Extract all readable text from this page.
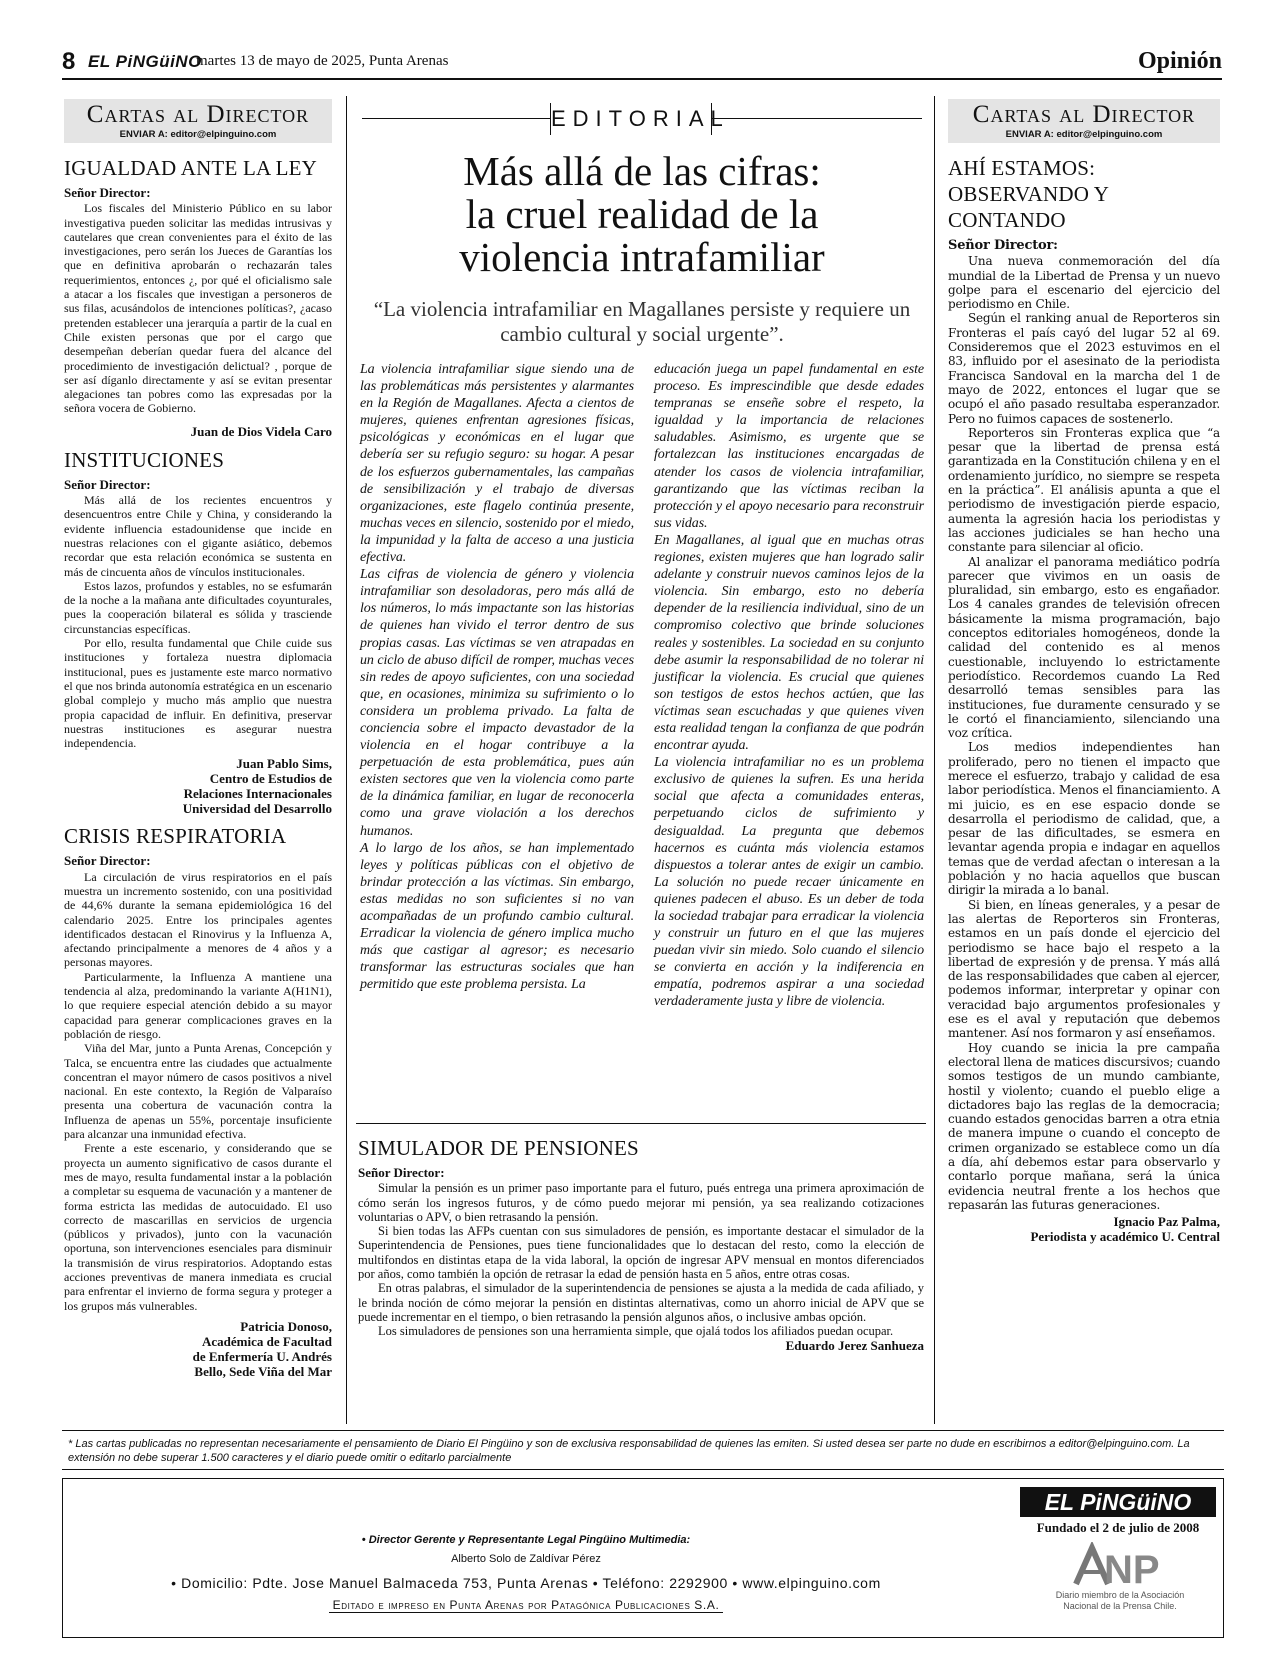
8 EL PiNGüiNO
martes 13 de mayo de 2025, Punta Arenas	Opinión
Cartas al Director
ENVIAR A: editor@elpinguino.com
IGUALDAD ANTE LA LEY

Señor Director:

Los fiscales del Ministerio Público en su labor investigativa pueden solicitar las medidas intrusivas y cautelares que crean convenientes para el éxito de las investigaciones, pero serán los Jueces de Garantías los que en definitiva aprobarán o rechazarán tales requerimientos, entonces ¿, por qué el oficialismo sale a atacar a los fiscales que investigan a personeros de sus filas, acusándolos de intenciones políticas?, ¿acaso pretenden establecer una jerarquía a partir de la cual en Chile existen personas que por el cargo que desempeñan deberían quedar fuera del alcance del procedimiento de investigación delictual? , porque de ser así díganlo directamente y así se evitan presentar alegaciones tan pobres como las expresadas por la señora vocera de Gobierno.

Juan de Dios Videla Caro
INSTITUCIONES

Señor Director:

Más allá de los recientes encuentros y desencuentros entre Chile y China, y considerando la evidente influencia estadounidense que incide en nuestras relaciones con el gigante asiático, debemos recordar que esta relación económica se sustenta en más de cincuenta años de vínculos institucionales.

Estos lazos, profundos y estables, no se esfumarán de la noche a la mañana ante dificultades coyunturales, pues la cooperación bilateral es sólida y trasciende circunstancias específicas.

Por ello, resulta fundamental que Chile cuide sus instituciones y fortaleza nuestra diplomacia institucional, pues es justamente este marco normativo el que nos brinda autonomía estratégica en un escenario global complejo y mucho más amplio que nuestra propia capacidad de influir. En definitiva, preservar nuestras instituciones es asegurar nuestra independencia.

Juan Pablo Sims,
Centro de Estudios de
Relaciones Internacionales
Universidad del Desarrollo
CRISIS RESPIRATORIA

Señor Director:

La circulación de virus respiratorios en el país muestra un incremento sostenido, con una positividad de 44,6% durante la semana epidemiológica 16 del calendario 2025. Entre los principales agentes identificados destacan el Rinovirus y la Influenza A, afectando principalmente a menores de 4 años y a personas mayores.

Particularmente, la Influenza A mantiene una tendencia al alza, predominando la variante A(H1N1), lo que requiere especial atención debido a su mayor capacidad para generar complicaciones graves en la población de riesgo.

Viña del Mar, junto a Punta Arenas, Concepción y Talca, se encuentra entre las ciudades que actualmente concentran el mayor número de casos positivos a nivel nacional. En este contexto, la Región de Valparaíso presenta una cobertura de vacunación contra la Influenza de apenas un 55%, porcentaje insuficiente para alcanzar una inmunidad efectiva.

Frente a este escenario, y considerando que se proyecta un aumento significativo de casos durante el mes de mayo, resulta fundamental instar a la población a completar su esquema de vacunación y a mantener de forma estricta las medidas de autocuidado. El uso correcto de mascarillas en servicios de urgencia (públicos y privados), junto con la vacunación oportuna, son intervenciones esenciales para disminuir la transmisión de virus respiratorios. Adoptando estas acciones preventivas de manera inmediata es crucial para enfrentar el invierno de forma segura y proteger a los grupos más vulnerables.

Patricia Donoso,
Académica de Facultad
de Enfermería U. Andrés
Bello, Sede Viña del Mar
EDITORIAL
Más allá de las cifras:
la cruel realidad de la
violencia intrafamiliar
“La violencia intrafamiliar en Magallanes persiste y requiere un cambio cultural y social urgente”.

La violencia intrafamiliar sigue siendo una de las problemáticas más persistentes y alarmantes en la Región de Magallanes. Afecta a cientos de mujeres, quienes enfrentan agresiones físicas, psicológicas y económicas en el lugar que debería ser su refugio seguro: su hogar. A pesar de los esfuerzos gubernamentales, las campañas de sensibilización y el trabajo de diversas organizaciones, este flagelo continúa presente, muchas veces en silencio, sostenido por el miedo, la impunidad y la falta de acceso a una justicia efectiva.

Las cifras de violencia de género y violencia intrafamiliar son desoladoras, pero más allá de los números, lo más impactante son las historias de quienes han vivido el terror dentro de sus propias casas. Las víctimas se ven atrapadas en un ciclo de abuso difícil de romper, muchas veces sin redes de apoyo suficientes, con una sociedad que, en ocasiones, minimiza su sufrimiento o lo considera un problema privado. La falta de conciencia sobre el impacto devastador de la violencia en el hogar contribuye a la perpetuación de esta problemática, pues aún existen sectores que ven la violencia como parte de la dinámica familiar, en lugar de reconocerla como una grave violación a los derechos humanos.

A lo largo de los años, se han implementado leyes y políticas públicas con el objetivo de brindar protección a las víctimas. Sin embargo, estas medidas no son suficientes si no van acompañadas de un profundo cambio cultural. Erradicar la violencia de género implica mucho más que castigar al agresor; es necesario transformar las estructuras sociales que han permitido que este problema persista. La

educación juega un papel fundamental en este proceso. Es imprescindible que desde edades tempranas se enseñe sobre el respeto, la igualdad y la importancia de relaciones saludables. Asimismo, es urgente que se fortalezcan las instituciones encargadas de atender los casos de violencia intrafamiliar, garantizando que las víctimas reciban la protección y el apoyo necesario para reconstruir sus vidas.

En Magallanes, al igual que en muchas otras regiones, existen mujeres que han logrado salir adelante y construir nuevos caminos lejos de la violencia. Sin embargo, esto no debería depender de la resiliencia individual, sino de un compromiso colectivo que brinde soluciones reales y sostenibles. La sociedad en su conjunto debe asumir la responsabilidad de no tolerar ni justificar la violencia. Es crucial que quienes son testigos de estos hechos actúen, que las víctimas sean escuchadas y que quienes viven esta realidad tengan la confianza de que podrán encontrar ayuda.

La violencia intrafamiliar no es un problema exclusivo de quienes la sufren. Es una herida social que afecta a comunidades enteras, perpetuando ciclos de sufrimiento y desigualdad. La pregunta que debemos hacernos es cuánta más violencia estamos dispuestos a tolerar antes de exigir un cambio. La solución no puede recaer únicamente en quienes padecen el abuso. Es un deber de toda la sociedad trabajar para erradicar la violencia y construir un futuro en el que las mujeres puedan vivir sin miedo. Solo cuando el silencio se convierta en acción y la indiferencia en empatía, podremos aspirar a una sociedad verdaderamente justa y libre de violencia.

SIMULADOR DE PENSIONES

Señor Director:

Simular la pensión es un primer paso importante para el futuro, pués entrega una primera aproximación de cómo serán los ingresos futuros, y de cómo puedo mejorar mi pensión, ya sea realizando cotizaciones voluntarias o APV, o bien retrasando la pensión.

Si bien todas las AFPs cuentan con sus simuladores de pensión, es importante destacar el simulador de la Superintendencia de Pensiones, pues tiene funcionalidades que lo destacan del resto, como la elección de multifondos en distintas etapa de la vida laboral, la opción de ingresar APV mensual en montos diferenciados por años, como también la opción de retrasar la edad de pensión hasta en 5 años, entre otras cosas.

En otras palabras, el simulador de la superintendencia de pensiones se ajusta a la medida de cada afiliado, y le brinda noción de cómo mejorar la pensión en distintas alternativas, como un ahorro inicial de APV que se puede incrementar en el tiempo, o bien retrasando la pensión algunos años, o inclusive ambas opción.

Los simuladores de pensiones son una herramienta simple, que ojalá todos los afiliados puedan ocupar.

Eduardo Jerez Sanhueza
Cartas al Director
ENVIAR A: editor@elpinguino.com
AHÍ ESTAMOS:
OBSERVANDO Y
CONTANDO

Señor Director:

Una nueva conmemoración del día mundial de la Libertad de Prensa y un nuevo golpe para el escenario del ejercicio del periodismo en Chile.

Según el ranking anual de Reporteros sin Fronteras el país cayó del lugar 52 al 69. Consideremos que el 2023 estuvimos en el 83, influido por el asesinato de la periodista Francisca Sandoval en la marcha del 1 de mayo de 2022, entonces el lugar que se ocupó el año pasado resultaba esperanzador. Pero no fuimos capaces de sostenerlo.

Reporteros sin Fronteras explica que “a pesar que la libertad de prensa está garantizada en la Constitución chilena y en el ordenamiento jurídico, no siempre se respeta en la práctica”. El análisis apunta a que el periodismo de investigación pierde espacio, aumenta la agresión hacia los periodistas y las acciones judiciales se han hecho una constante para silenciar al oficio.

Al analizar el panorama mediático podría parecer que vivimos en un oasis de pluralidad, sin embargo, esto es engañador. Los 4 canales grandes de televisión ofrecen básicamente la misma programación, bajo conceptos editoriales homogéneos, donde la calidad del contenido es al menos cuestionable, incluyendo lo estrictamente periodístico. Recordemos cuando La Red desarrolló temas sensibles para las instituciones, fue duramente censurado y se le cortó el financiamiento, silenciando una voz crítica.

Los medios independientes han proliferado, pero no tienen el impacto que merece el esfuerzo, trabajo y calidad de esa labor periodística. Menos el financiamiento. A mi juicio, es en ese espacio donde se desarrolla el periodismo de calidad, que, a pesar de las dificultades, se esmera en levantar agenda propia e indagar en aquellos temas que de verdad afectan o interesan a la población y no hacia aquellos que buscan dirigir la mirada a lo banal.

Si bien, en líneas generales, y a pesar de las alertas de Reporteros sin Fronteras, estamos en un país donde el ejercicio del periodismo se hace bajo el respeto a la libertad de expresión y de prensa. Y más allá de las responsabilidades que caben al ejercer, podemos informar, interpretar y opinar con veracidad bajo argumentos profesionales y ese es el aval y reputación que debemos mantener. Así nos formaron y así enseñamos.

Hoy cuando se inicia la pre campaña electoral llena de matices discursivos; cuando somos testigos de un mundo cambiante, hostil y violento; cuando el pueblo elige a dictadores bajo las reglas de la democracia; cuando estados genocidas barren a otra etnia de manera impune o cuando el concepto de crimen organizado se establece como un día a día, ahí debemos estar para observarlo y contarlo porque mañana, será la única evidencia neutral frente a los hechos que repasarán las futuras generaciones.

Ignacio Paz Palma,
Periodista y académico U. Central
* Las cartas publicadas no representan necesariamente el pensamiento de Diario El Pingüino y son de exclusiva responsabilidad de quienes las emiten. Si usted desea ser parte no dude en escribirnos a editor@elpinguino.com. La extensión no debe superar 1.500 caracteres y el diario puede omitir o editarlo parcialmente
• Director Gerente y Representante Legal Pingüino Multimedia:
Alberto Solo de Zaldívar Pérez
• Domicilio: Pdte. Jose Manuel Balmaceda 753, Punta Arenas • Teléfono: 2292900 • www.elpinguino.com
Editado e impreso en Punta Arenas por Patagónica Publicaciones S.A.
EL PiNGüiNO
Fundado el 2 de julio de 2008
NP
Diario miembro de la Asociación Nacional de la Prensa Chile.
